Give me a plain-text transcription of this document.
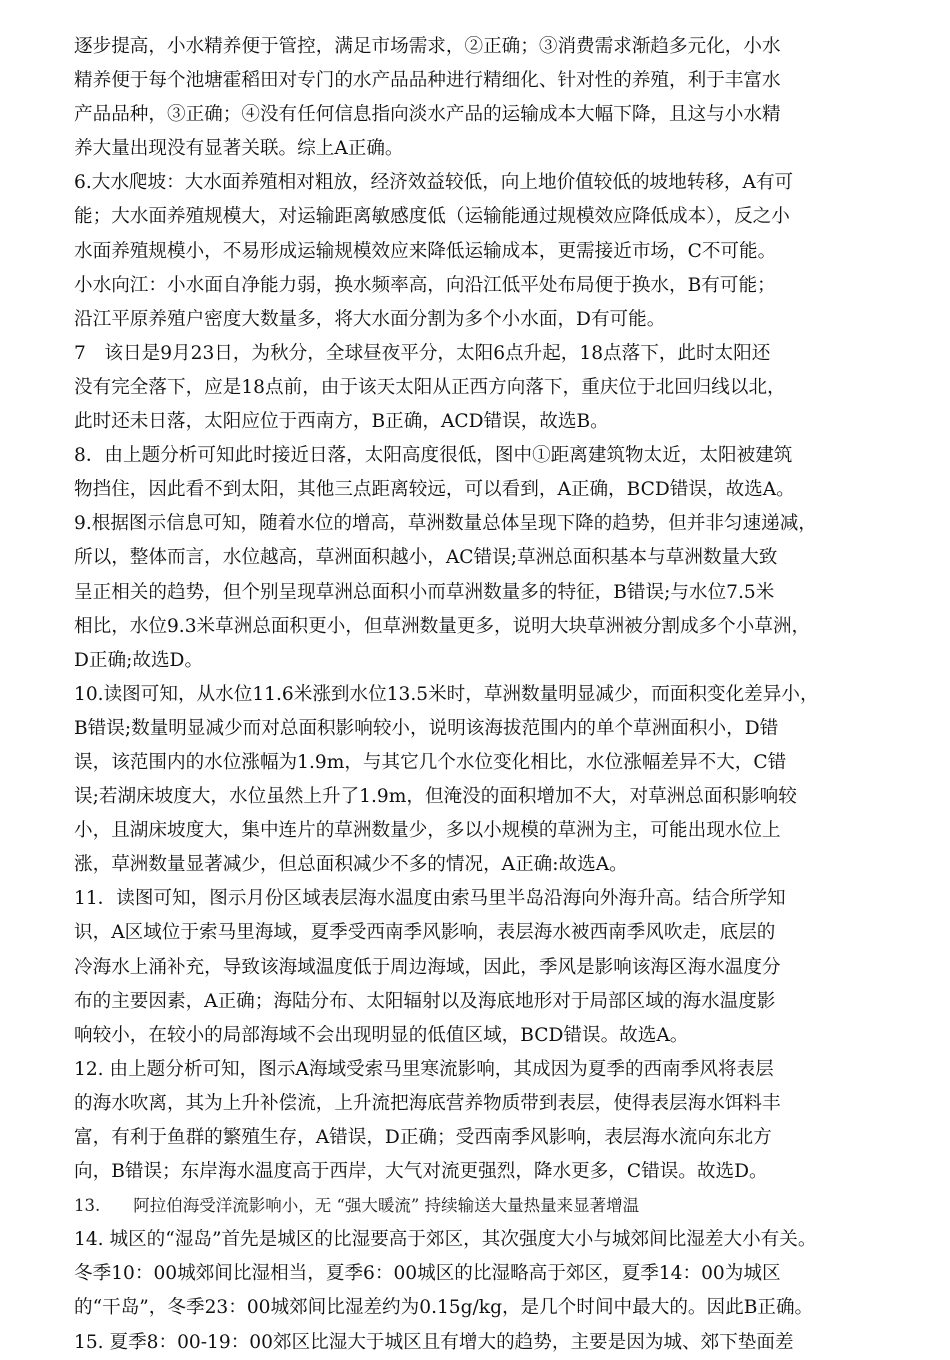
逐步提高，小水精养便于管控，满足市场需求，②正确；③消费需求渐趋多元化，小水
精养便于每个池塘霍稻田对专门的水产品品种进行精细化、针对性的养殖，利于丰富水
产品品种，③正确；④没有任何信息指向淡水产品的运输成本大幅下降，且这与小水精
养大量出现没有显著关联。综上A正确。
6.大水爬坡：大水面养殖相对粗放，经济效益较低，向上地价值较低的坡地转移，A有可
能；大水面养殖规模大，对运输距离敏感度低（运输能通过规模效应降低成本），反之小
水面养殖规模小，不易形成运输规模效应来降低运输成本，更需接近市场，C不可能。
小水向江：小水面自净能力弱，换水频率高，向沿江低平处布局便于换水，B有可能；
沿江平原养殖户密度大数量多，将大水面分割为多个小水面，D有可能。
7　该日是9月23日，为秋分，全球昼夜平分，太阳6点升起，18点落下，此时太阳还
没有完全落下，应是18点前，由于该天太阳从正西方向落下，重庆位于北回归线以北，
此时还未日落，太阳应位于西南方，B正确，ACD错误，故选B。
8．由上题分析可知此时接近日落，太阳高度很低，图中①距离建筑物太近，太阳被建筑
物挡住，因此看不到太阳，其他三点距离较远，可以看到，A正确，BCD错误，故选A。
9.根据图示信息可知，随着水位的增高，草洲数量总体呈现下降的趋势，但并非匀速递减，
所以，整体而言，水位越高，草洲面积越小，AC错误;草洲总面积基本与草洲数量大致
呈正相关的趋势，但个别呈现草洲总面积小而草洲数量多的特征，B错误;与水位7.5米
相比，水位9.3米草洲总面积更小，但草洲数量更多，说明大块草洲被分割成多个小草洲，
D正确;故选D。
10.读图可知，从水位11.6米涨到水位13.5米时，草洲数量明显减少，而面积变化差异小，
B错误;数量明显减少而对总面积影响较小，说明该海拔范围内的单个草洲面积小，D错
误，该范围内的水位涨幅为1.9m，与其它几个水位变化相比，水位涨幅差异不大，C错
误;若湖床坡度大，水位虽然上升了1.9m，但淹没的面积增加不大，对草洲总面积影响较
小，且湖床坡度大，集中连片的草洲数量少，多以小规模的草洲为主，可能出现水位上
涨，草洲数量显著减少，但总面积减少不多的情况，A正确:故选A。
11．读图可知，图示月份区域表层海水温度由索马里半岛沿海向外海升高。结合所学知
识，A区域位于索马里海域，夏季受西南季风影响，表层海水被西南季风吹走，底层的
冷海水上涌补充，导致该海域温度低于周边海域，因此，季风是影响该海区海水温度分
布的主要因素，A正确；海陆分布、太阳辐射以及海底地形对于局部区域的海水温度影
响较小，在较小的局部海域不会出现明显的低值区域，BCD错误。故选A。
12. 由上题分析可知，图示A海域受索马里寒流影响，其成因为夏季的西南季风将表层
的海水吹离，其为上升补偿流，上升流把海底营养物质带到表层，使得表层海水饵料丰
富，有利于鱼群的繁殖生存，A错误，D正确；受西南季风影响，表层海水流向东北方
向，B错误；东岸海水温度高于西岸，大气对流更强烈，降水更多，C错误。故选D。
13.　　阿拉伯海受洋流影响小，无 “强大暖流” 持续输送大量热量来显著增温
14. 城区的“湿岛”首先是城区的比湿要高于郊区，其次强度大小与城郊间比湿差大小有关。
冬季10：00城郊间比湿相当，夏季6：00城区的比湿略高于郊区，夏季14：00为城区
的“干岛”，冬季23：00城郊间比湿差约为0.15g/kg，是几个时间中最大的。因此B正确。
15. 夏季8：00-19：00郊区比湿大于城区且有增大的趋势，主要是因为城、郊下垫面差
